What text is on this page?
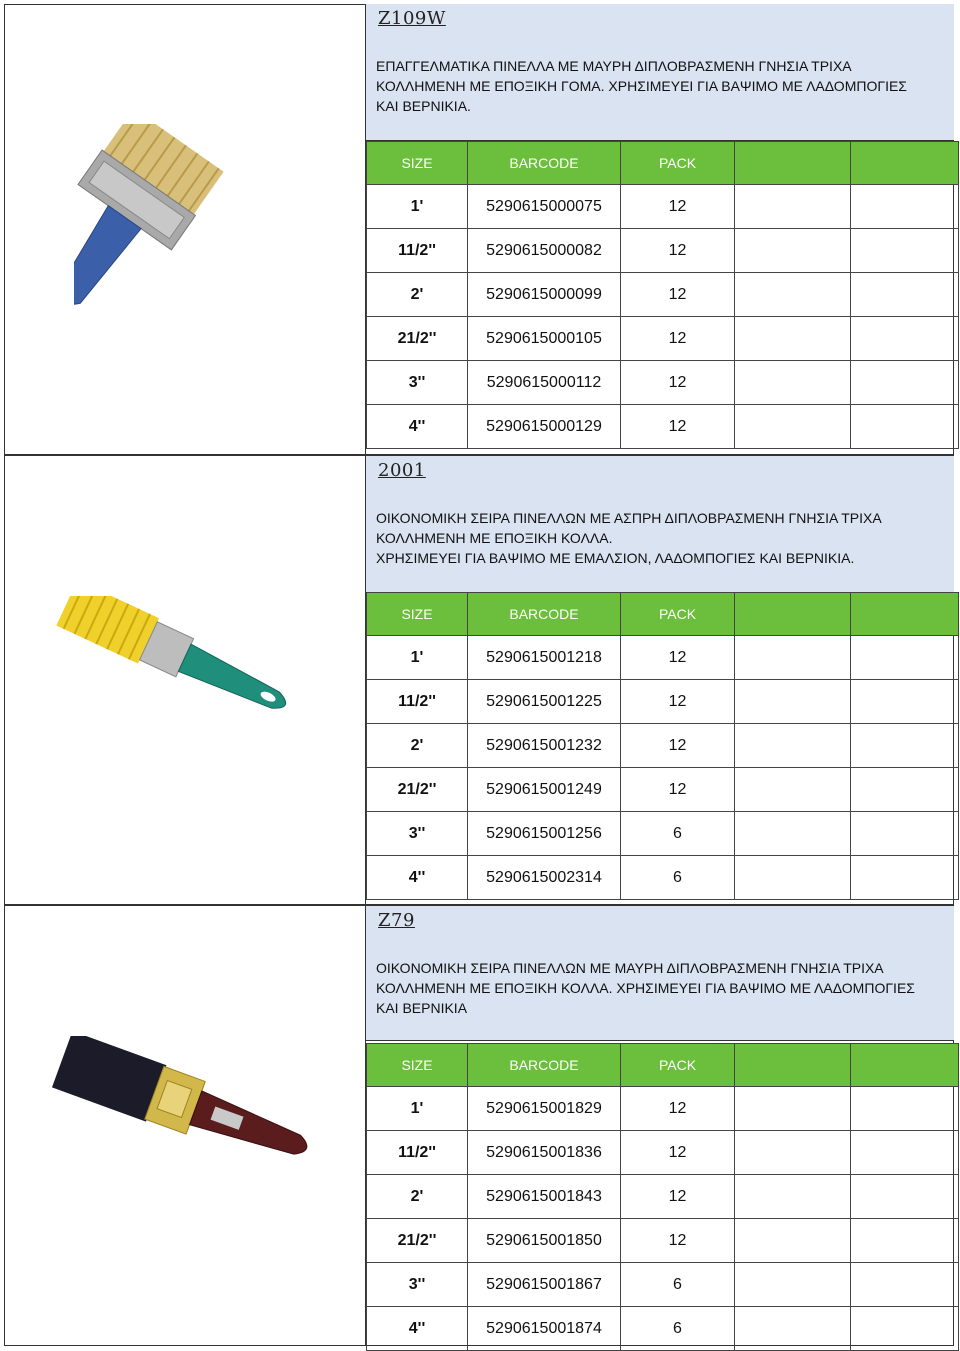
Z109W
ΕΠΑΓΓΕΛΜΑΤΙΚΑ ΠΙΝΕΛΛΑ ΜΕ ΜΑΥΡΗ ΔΙΠΛΟΒΡΑΣΜΕΝΗ ΓΝΗΣΙΑ ΤΡΙΧΑ ΚΟΛΛΗΜΕΝΗ ΜΕ ΕΠΟΞΙΚΗ ΓΟΜΑ. ΧΡΗΣΙΜΕΥΕΙ ΓΙΑ ΒΑΨΙΜΟ ΜΕ ΛΑΔΟΜΠΟΓΙΕΣ ΚΑΙ ΒΕΡΝΙΚΙΑ.
SIZE	BARCODE	PACK		
1'	5290615000075	12		
11/2''	5290615000082	12		
2'	5290615000099	12		
21/2''	5290615000105	12		
3''	5290615000112	12		
4''	5290615000129	12		
2001
ΟΙΚΟΝΟΜΙΚΗ ΣΕΙΡΑ ΠΙΝΕΛΛΩΝ ΜΕ ΑΣΠΡΗ ΔΙΠΛΟΒΡΑΣΜΕΝΗ ΓΝΗΣΙΑ ΤΡΙΧΑ ΚΟΛΛΗΜΕΝΗ ΜΕ ΕΠΟΞΙΚΗ ΚΟΛΛΑ.
ΧΡΗΣΙΜΕΥΕΙ ΓΙΑ ΒΑΨΙΜΟ ΜΕ ΕΜΑΛΣΙΟΝ, ΛΑΔΟΜΠΟΓΙΕΣ ΚΑΙ ΒΕΡΝΙΚΙΑ.
SIZE	BARCODE	PACK		
1'	5290615001218	12		
11/2''	5290615001225	12		
2'	5290615001232	12		
21/2''	5290615001249	12		
3''	5290615001256	6		
4''	5290615002314	6		
Z79
ΟΙΚΟΝΟΜΙΚΗ ΣΕΙΡΑ ΠΙΝΕΛΛΩΝ ΜΕ ΜΑΥΡΗ ΔΙΠΛΟΒΡΑΣΜΕΝΗ ΓΝΗΣΙΑ ΤΡΙΧΑ ΚΟΛΛΗΜΕΝΗ ΜΕ ΕΠΟΞΙΚΗ ΚΟΛΛΑ. ΧΡΗΣΙΜΕΥΕΙ ΓΙΑ ΒΑΨΙΜΟ ΜΕ ΛΑΔΟΜΠΟΓΙΕΣ ΚΑΙ ΒΕΡΝΙΚΙΑ
SIZE	BARCODE	PACK		
1'	5290615001829	12		
11/2''	5290615001836	12		
2'	5290615001843	12		
21/2''	5290615001850	12		
3''	5290615001867	6		
4''	5290615001874	6		
